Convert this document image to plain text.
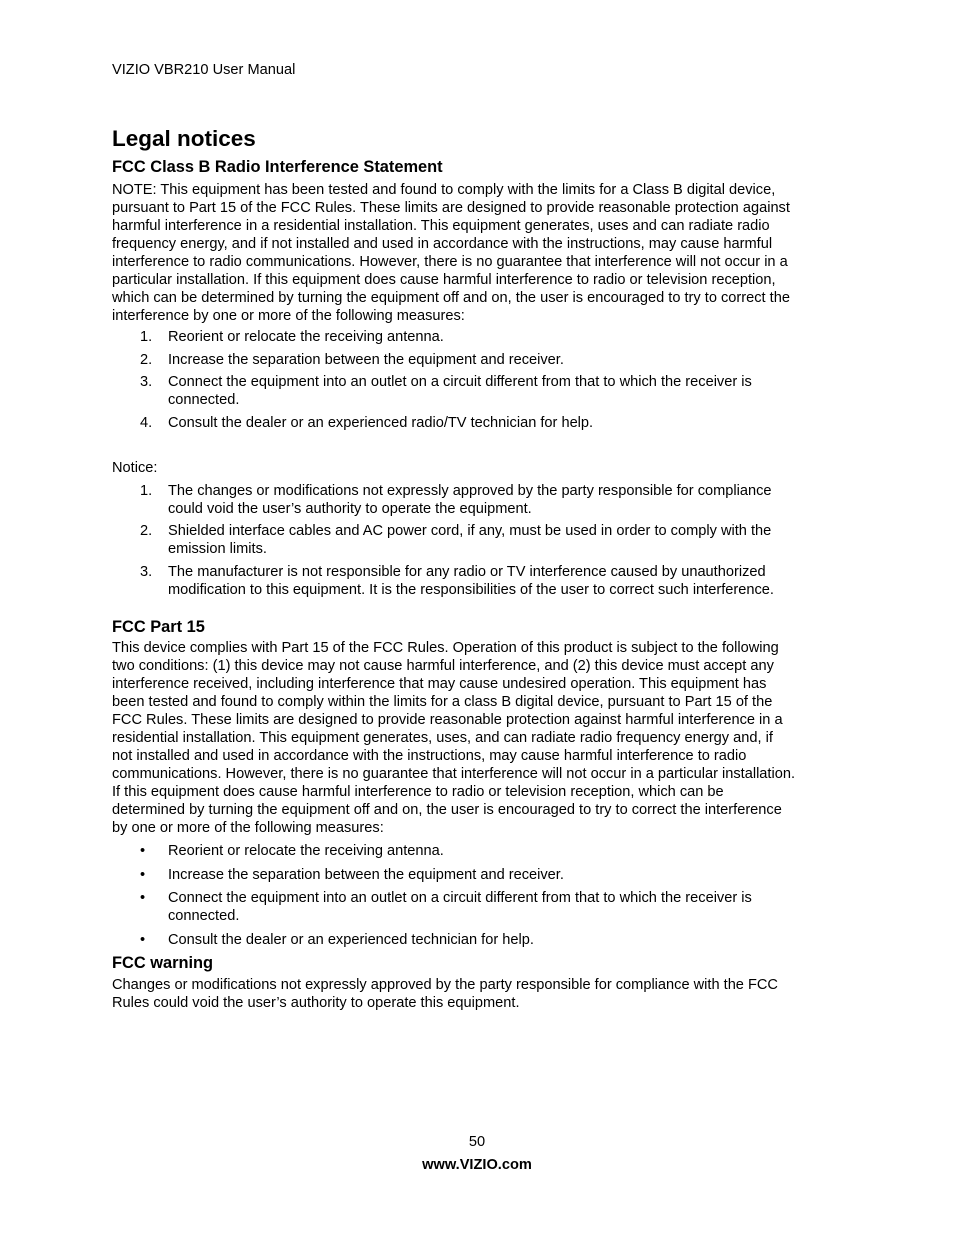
VIZIO VBR210 User Manual
Legal notices
FCC Class B Radio Interference Statement

NOTE: This equipment has been tested and found to comply with the limits for a Class B digital device,
pursuant to Part 15 of the FCC Rules. These limits are designed to provide reasonable protection against
harmful interference in a residential installation. This equipment generates, uses and can radiate radio
frequency energy, and if not installed and used in accordance with the instructions, may cause harmful
interference to radio communications. However, there is no guarantee that interference will not occur in a
particular installation. If this equipment does cause harmful interference to radio or television reception,
which can be determined by turning the equipment off and on, the user is encouraged to try to correct the
interference by one or more of the following measures:

1. Reorient or relocate the receiving antenna.
2. Increase the separation between the equipment and receiver.
3. Connect the equipment into an outlet on a circuit different from that to which the receiver is
connected.
4. Consult the dealer or an experienced radio/TV technician for help.

Notice:

1. The changes or modifications not expressly approved by the party responsible for compliance
could void the user’s authority to operate the equipment.
2. Shielded interface cables and AC power cord, if any, must be used in order to comply with the
emission limits.
3. The manufacturer is not responsible for any radio or TV interference caused by unauthorized
modification to this equipment. It is the responsibilities of the user to correct such interference.
FCC Part 15

This device complies with Part 15 of the FCC Rules. Operation of this product is subject to the following
two conditions: (1) this device may not cause harmful interference, and (2) this device must accept any
interference received, including interference that may cause undesired operation. This equipment has
been tested and found to comply within the limits for a class B digital device, pursuant to Part 15 of the
FCC Rules. These limits are designed to provide reasonable protection against harmful interference in a
residential installation. This equipment generates, uses, and can radiate radio frequency energy and, if
not installed and used in accordance with the instructions, may cause harmful interference to radio
communications. However, there is no guarantee that interference will not occur in a particular installation.
If this equipment does cause harmful interference to radio or television reception, which can be
determined by turning the equipment off and on, the user is encouraged to try to correct the interference
by one or more of the following measures:

• Reorient or relocate the receiving antenna.
• Increase the separation between the equipment and receiver.
• Connect the equipment into an outlet on a circuit different from that to which the receiver is
connected.
• Consult the dealer or an experienced technician for help.
FCC warning

Changes or modifications not expressly approved by the party responsible for compliance with the FCC
Rules could void the user’s authority to operate this equipment.

50
www.VIZIO.com
